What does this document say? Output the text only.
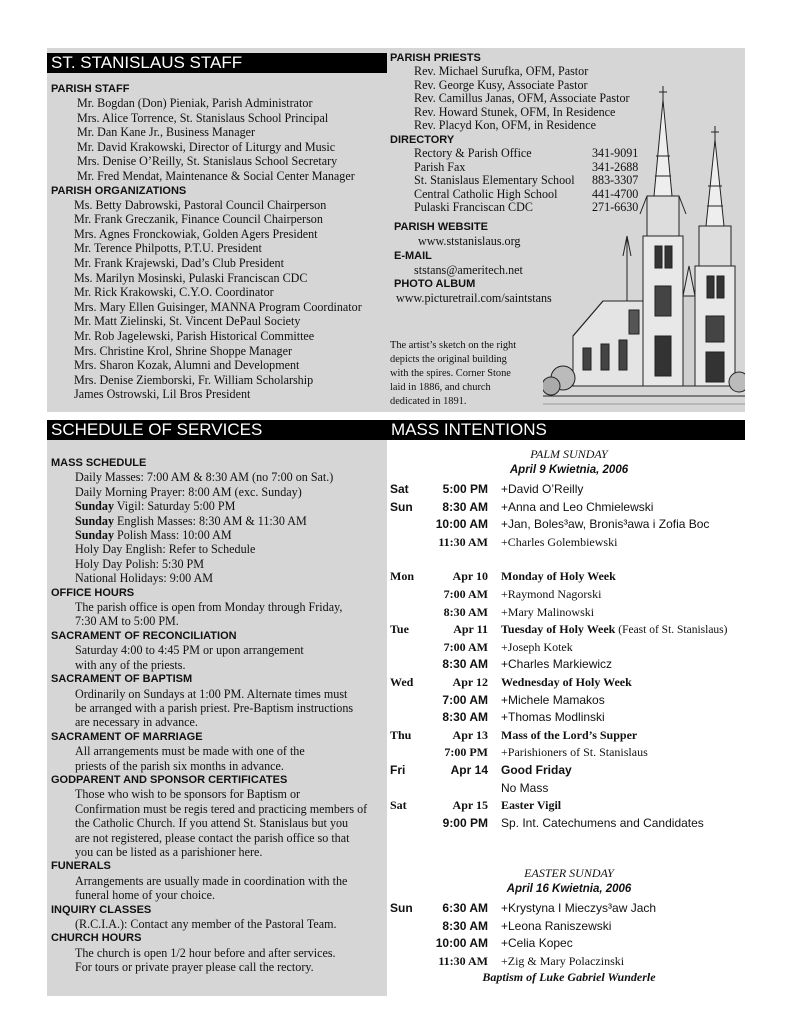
ST. STANISLAUS STAFF
SCHEDULE OF SERVICES	MASS INTENTIONS
PARISH STAFF
Mr. Bogdan (Don) Pieniak, Parish Administrator
Mrs. Alice Torrence, St. Stanislaus School Principal
Mr. Dan Kane Jr., Business Manager
Mr. David Krakowski, Director of Liturgy and Music
Mrs. Denise O’Reilly, St. Stanislaus School Secretary
Mr. Fred Mendat, Maintenance & Social Center Manager
PARISH ORGANIZATIONS
Ms. Betty Dabrowski, Pastoral Council Chairperson
Mr. Frank Greczanik, Finance Council Chairperson
Mrs. Agnes Fronckowiak, Golden Agers President
Mr. Terence Philpotts, P.T.U. President
Mr. Frank Krajewski, Dad’s Club President
Ms. Marilyn Mosinski, Pulaski Franciscan CDC
Mr. Rick Krakowski, C.Y.O. Coordinator
Mrs. Mary Ellen Guisinger, MANNA Program Coordinator
Mr. Matt Zielinski, St. Vincent DePaul Society
Mr. Rob Jagelewski, Parish Historical Committee
Mrs. Christine Krol, Shrine Shoppe Manager
Mrs. Sharon Kozak, Alumni and Development
Mrs. Denise Ziemborski, Fr. William Scholarship
James Ostrowski, Lil Bros President
PARISH PRIESTS
Rev. Michael Surufka, OFM, Pastor
Rev. George Kusy, Associate Pastor
Rev. Camillus Janas, OFM, Associate Pastor
Rev. Howard Stunek, OFM, In Residence
Rev. Placyd Kon, OFM, in Residence
DIRECTORY
Rectory & Parish Office	341-9091
Parish Fax	341-2688
St. Stanislaus Elementary School	883-3307
Central Catholic High School	441-4700
Pulaski Franciscan CDC	271-6630
PARISH WEBSITE
www.ststanislaus.org
E-MAIL
ststans@ameritech.net
PHOTO ALBUM
www.picturetrail.com/saintstans
The artist’s sketch on the right
depicts the original building
with the spires. Corner Stone
laid in 1886, and church
dedicated in 1891.
MASS SCHEDULE
Daily Masses: 7:00 AM & 8:30 AM (no 7:00 on Sat.)
Daily Morning Prayer: 8:00 AM (exc. Sunday)
Sunday Vigil: Saturday 5:00 PM
Sunday English Masses: 8:30 AM & 11:30 AM
Sunday Polish Mass: 10:00 AM
Holy Day English: Refer to Schedule
Holy Day Polish: 5:30 PM
National Holidays: 9:00 AM
OFFICE HOURS
The parish office is open from Monday through Friday,
7:30 AM to 5:00 PM.
SACRAMENT OF RECONCILIATION
Saturday 4:00 to 4:45 PM or upon arrangement
with any of the priests.
SACRAMENT OF BAPTISM
Ordinarily on Sundays at 1:00 PM. Alternate times must
be arranged with a parish priest. Pre-Baptism instructions
are necessary in advance.
SACRAMENT OF MARRIAGE
All arrangements must be made with one of the
priests of the parish six months in advance.
GODPARENT AND SPONSOR CERTIFICATES
Those who wish to be sponsors for Baptism or
Confirmation must be regis tered and practicing members of
the Catholic Church. If you attend St. Stanislaus but you
are not registered, please contact the parish office so that
you can be listed as a parishioner here.
FUNERALS
Arrangements are usually made in coordination with the
funeral home of your choice.
INQUIRY CLASSES
(R.C.I.A.): Contact any member of the Pastoral Team.
CHURCH HOURS
The church is open 1/2 hour before and after services.
For tours or private prayer please call the rectory.
PALM SUNDAY
April 9 Kwietnia, 2006
Sat	5:00 PM +David O’Reilly
Sun	8:30 AM +Anna and Leo Chmielewski
10:00 AM +Jan, Boles³aw, Bronis³awa i Zofia Boc
11:30 AM +Charles Golembiewski
Mon	Apr 10 Monday of Holy Week
7:00 AM +Raymond Nagorski
8:30 AM +Mary Malinowski
Tue	Apr 11 Tuesday of Holy Week (Feast of St. Stanislaus)
7:00 AM +Joseph Kotek
8:30 AM +Charles Markiewicz
Wed	Apr 12 Wednesday of Holy Week
7:00 AM +Michele Mamakos
8:30 AM +Thomas Modlinski
Thu	Apr 13 Mass of the Lord’s Supper
7:00 PM +Parishioners of St. Stanislaus
Fri	Apr 14 Good Friday
No Mass
Sat	Apr 15 Easter Vigil
9:00 PM Sp. Int. Catechumens and Candidates
EASTER SUNDAY
April 16 Kwietnia, 2006
Sun	6:30 AM +Krystyna I Mieczys³aw Jach
8:30 AM +Leona Raniszewski
10:00 AM +Celia Kopec
11:30 AM +Zig & Mary Polaczinski
Baptism of Luke Gabriel Wunderle
